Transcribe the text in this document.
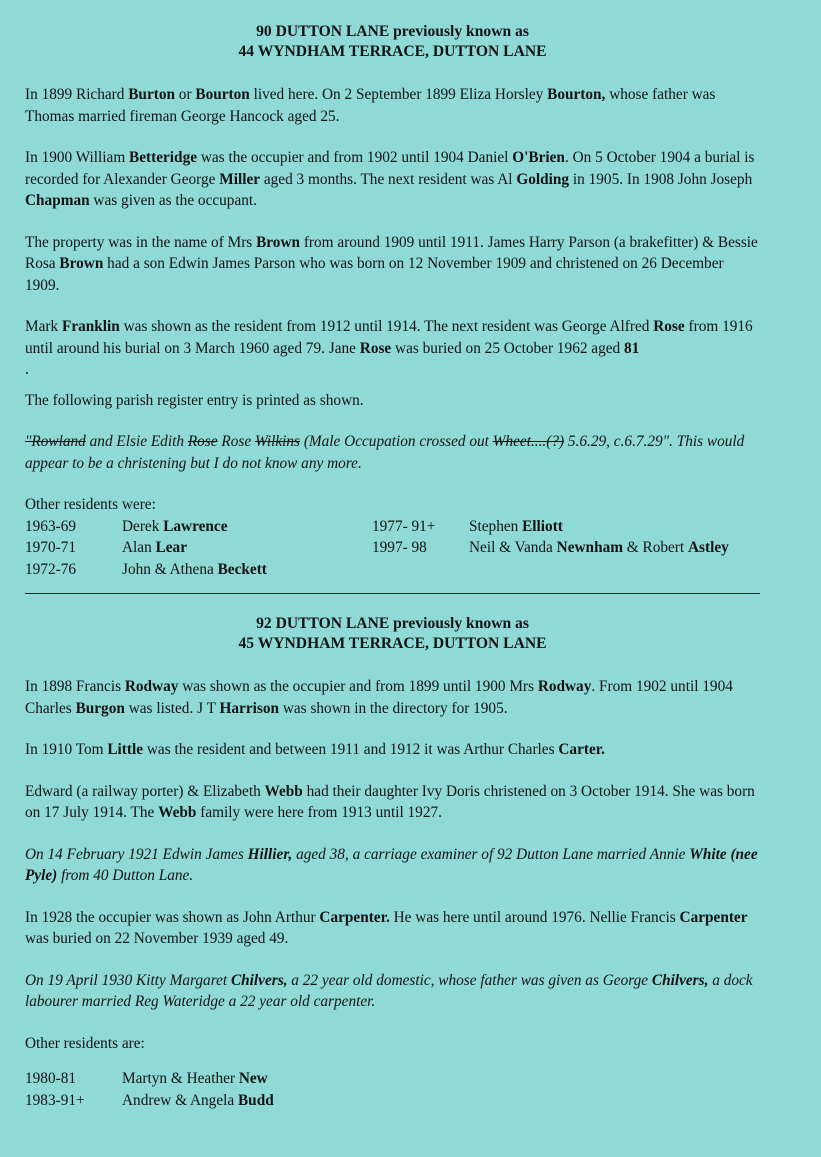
90 DUTTON LANE previously known as
44 WYNDHAM TERRACE, DUTTON LANE

In 1899 Richard Burton or Bourton lived here. On 2 September 1899 Eliza Horsley Bourton, whose father was Thomas married fireman George Hancock aged 25.

In 1900 William Betteridge was the occupier and from 1902 until 1904 Daniel O'Brien. On 5 October 1904 a burial is recorded for Alexander George Miller aged 3 months. The next resident was Al Golding in 1905. In 1908 John Joseph Chapman was given as the occupant.

The property was in the name of Mrs Brown from around 1909 until 1911. James Harry Parson (a brakefitter) & Bessie Rosa Brown had a son Edwin James Parson who was born on 12 November 1909 and christened on 26 December 1909.

Mark Franklin was shown as the resident from 1912 until 1914. The next resident was George Alfred Rose from 1916 until around his burial on 3 March 1960 aged 79. Jane Rose was buried on 25 October 1962 aged 81
.

The following parish register entry is printed as shown.

"Rowland and Elsie Edith Rose Rose Wilkins (Male Occupation crossed out Wheet....(?) 5.6.29, c.6.7.29". This would appear to be a christening but I do not know any more.

Other residents were:

1963-69	Derek Lawrence	1977- 91+	Stephen Elliott
1970-71	Alan Lear	1997- 98	Neil & Vanda Newnham & Robert Astley
1972-76	John & Athena Beckett
92 DUTTON LANE previously known as
45 WYNDHAM TERRACE, DUTTON LANE

In 1898 Francis Rodway was shown as the occupier and from 1899 until 1900 Mrs Rodway. From 1902 until 1904 Charles Burgon was listed. J T Harrison was shown in the directory for 1905.

In 1910 Tom Little was the resident and between 1911 and 1912 it was Arthur Charles Carter.

Edward (a railway porter) & Elizabeth Webb had their daughter Ivy Doris christened on 3 October 1914. She was born on 17 July 1914. The Webb family were here from 1913 until 1927.

On 14 February 1921 Edwin James Hillier, aged 38, a carriage examiner of 92 Dutton Lane married Annie White (nee Pyle) from 40 Dutton Lane.

In 1928 the occupier was shown as John Arthur Carpenter. He was here until around 1976. Nellie Francis Carpenter was buried on 22 November 1939 aged 49.

On 19 April 1930 Kitty Margaret Chilvers, a 22 year old domestic, whose father was given as George Chilvers, a dock labourer married Reg Wateridge a 22 year old carpenter.

Other residents are:

1980-81	Martyn & Heather New
1983-91+	Andrew & Angela Budd
